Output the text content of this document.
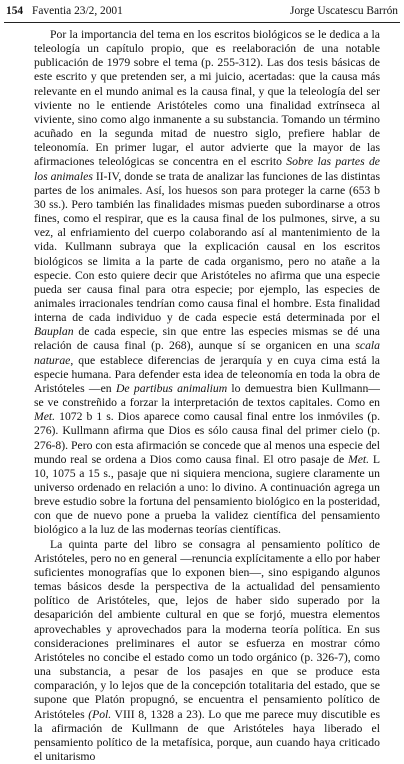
154 Faventia 23/2, 2001	Jorge Uscatescu Barrón

Por la importancia del tema en los escritos biológicos se le dedica a la teleología un capítulo propio, que es reelaboración de una notable publicación de 1979 sobre el tema (p. 255-312). Las dos tesis básicas de este escrito y que pretenden ser, a mi juicio, acertadas: que la causa más relevante en el mundo animal es la causa final, y que la teleología del ser viviente no le entiende Aristóteles como una finalidad extrínseca al viviente, sino como algo inmanente a su substancia. Tomando un término acuñado en la segunda mitad de nuestro siglo, prefiere hablar de teleonomía. En primer lugar, el autor advierte que la mayor de las afirmaciones teleológicas se concentra en el escrito Sobre las partes de los animales II-IV, donde se trata de analizar las funciones de las distintas partes de los animales. Así, los huesos son para proteger la carne (653 b 30 ss.). Pero también las finalidades mismas pueden subordinarse a otros fines, como el respirar, que es la causa final de los pulmones, sirve, a su vez, al enfriamiento del cuerpo colaborando así al mantenimiento de la vida. Kullmann subraya que la explicación causal en los escritos biológicos se limita a la parte de cada organismo, pero no atañe a la especie. Con esto quiere decir que Aristóteles no afirma que una especie pueda ser causa final para otra especie; por ejemplo, las especies de animales irracionales tendrían como causa final el hombre. Esta finalidad interna de cada individuo y de cada especie está determinada por el Bauplan de cada especie, sin que entre las especies mismas se dé una relación de causa final (p. 268), aunque sí se organicen en una scala naturae, que establece diferencias de jerarquía y en cuya cima está la especie humana. Para defender esta idea de teleonomía en toda la obra de Aristóteles —en De partibus animalium lo demuestra bien Kullmann— se ve constreñido a forzar la interpretación de textos capitales. Como en Met. 1072 b 1 s. Dios aparece como causal final entre los inmóviles (p. 276). Kullmann afirma que Dios es sólo causa final del primer cielo (p. 276-8). Pero con esta afirmación se concede que al menos una especie del mundo real se ordena a Dios como causa final. El otro pasaje de Met. L 10, 1075 a 15 s., pasaje que ni siquiera menciona, sugiere claramente un universo ordenado en relación a uno: lo divino. A continuación agrega un breve estudio sobre la fortuna del pensamiento biológico en la posteridad, con que de nuevo pone a prueba la validez científica del pensamiento biológico a la luz de las modernas teorías científicas.

La quinta parte del libro se consagra al pensamiento político de Aristóteles, pero no en general —renuncia explícitamente a ello por haber suficientes monografías que lo exponen bien—, sino espigando algunos temas básicos desde la perspectiva de la actualidad del pensamiento político de Aristóteles, que, lejos de haber sido superado por la desaparición del ambiente cultural en que se forjó, muestra elementos aprovechables y aprovechados para la moderna teoría política. En sus consideraciones preliminares el autor se esfuerza en mostrar cómo Aristóteles no concibe el estado como un todo orgánico (p. 326-7), como una substancia, a pesar de los pasajes en que se produce esta comparación, y lo lejos que de la concepción totalitaria del estado, que se supone que Platón propugnó, se encuentra el pensamiento político de Aristóteles (Pol. VIII 8, 1328 a 23). Lo que me parece muy discutible es la afirmación de Kullmann de que Aristóteles haya liberado el pensamiento político de la metafísica, porque, aun cuando haya criticado el unitarismo
